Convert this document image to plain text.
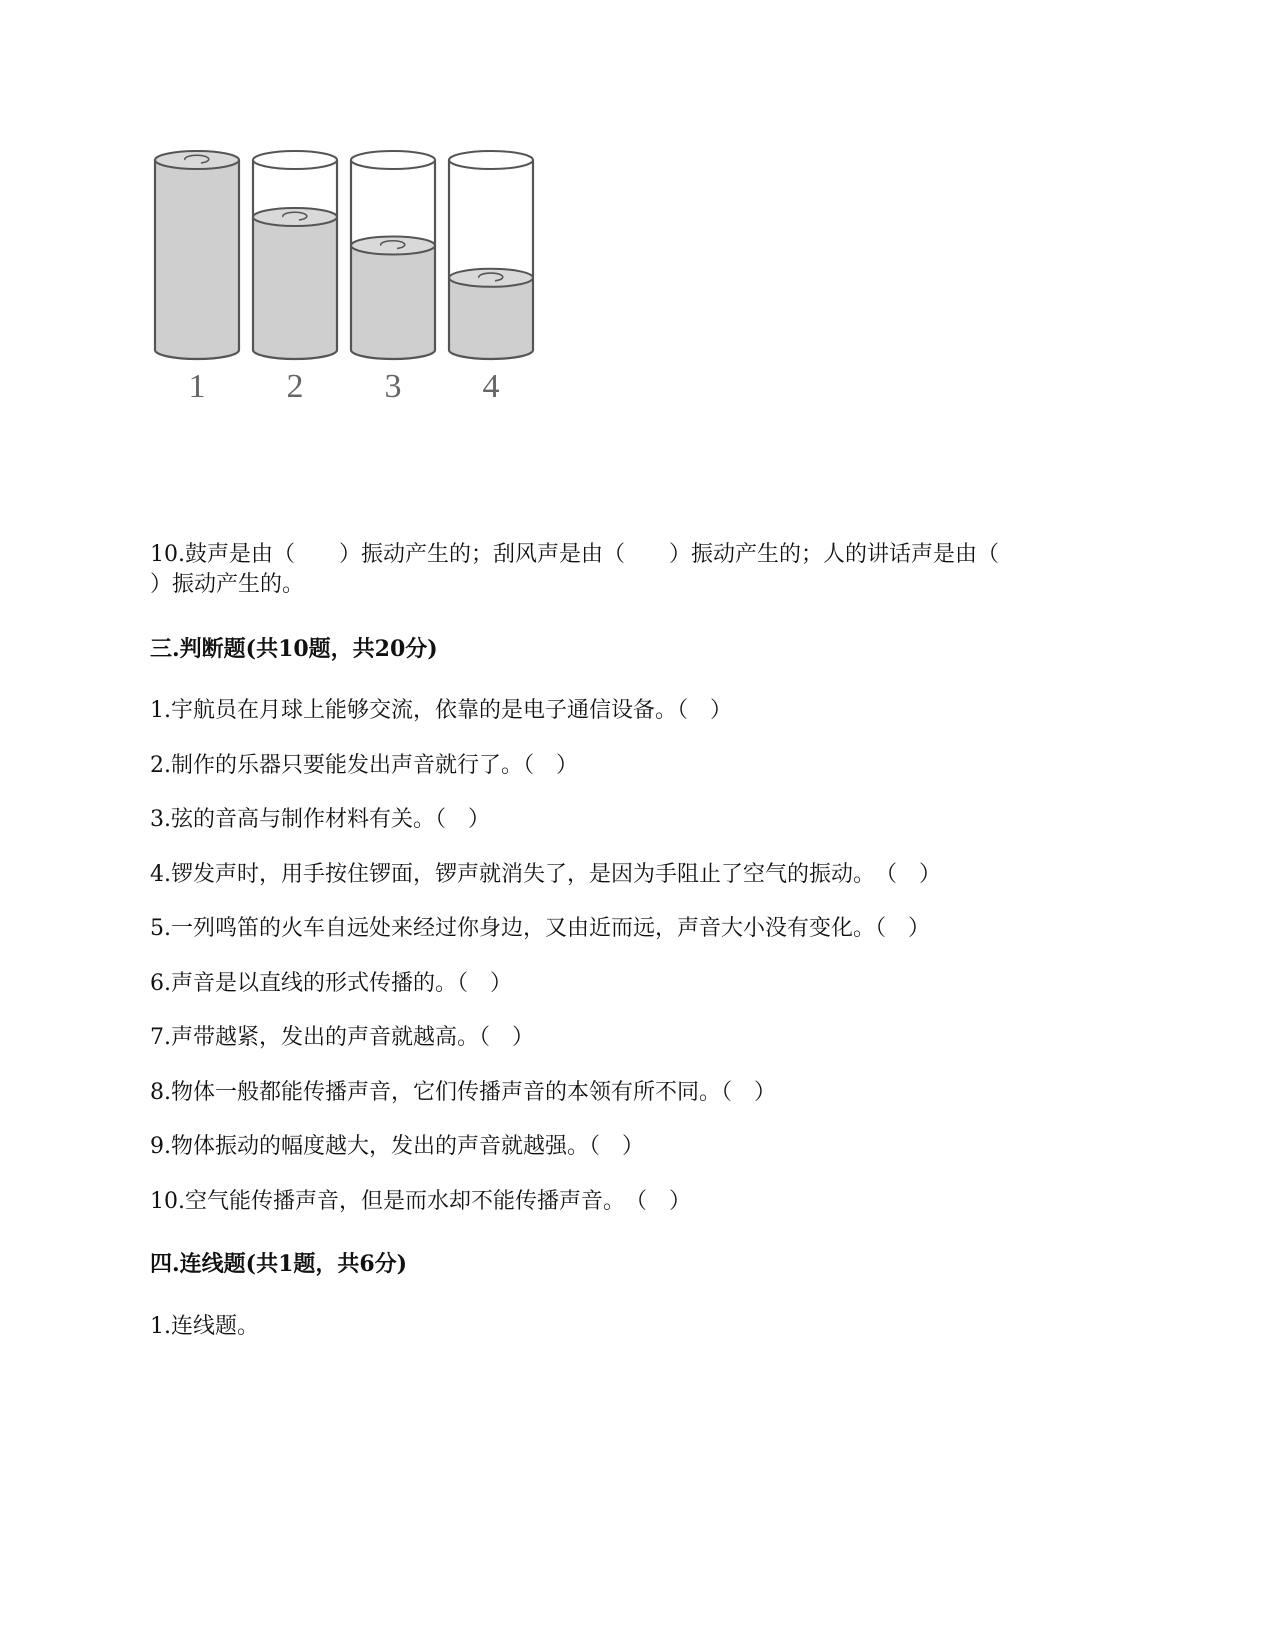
1 2 3 4
10.鼓声是由（　　）振动产生的；刮风声是由（　　）振动产生的；人的讲话声是由（
）振动产生的。
三.判断题(共10题，共20分)
1.宇航员在月球上能够交流，依靠的是电子通信设备。（　）
2.制作的乐器只要能发出声音就行了。（　）
3.弦的音高与制作材料有关。（　）
4.锣发声时，用手按住锣面，锣声就消失了，是因为手阻止了空气的振动。　（　）
5.一列鸣笛的火车自远处来经过你身边，又由近而远，声音大小没有变化。（　）
6.声音是以直线的形式传播的。（　）
7.声带越紧，发出的声音就越高。（　）
8.物体一般都能传播声音，它们传播声音的本领有所不同。（　）
9.物体振动的幅度越大，发出的声音就越强。（　）
10.空气能传播声音，但是而水却不能传播声音。　（　）
四.连线题(共1题，共6分)
1.连线题。
